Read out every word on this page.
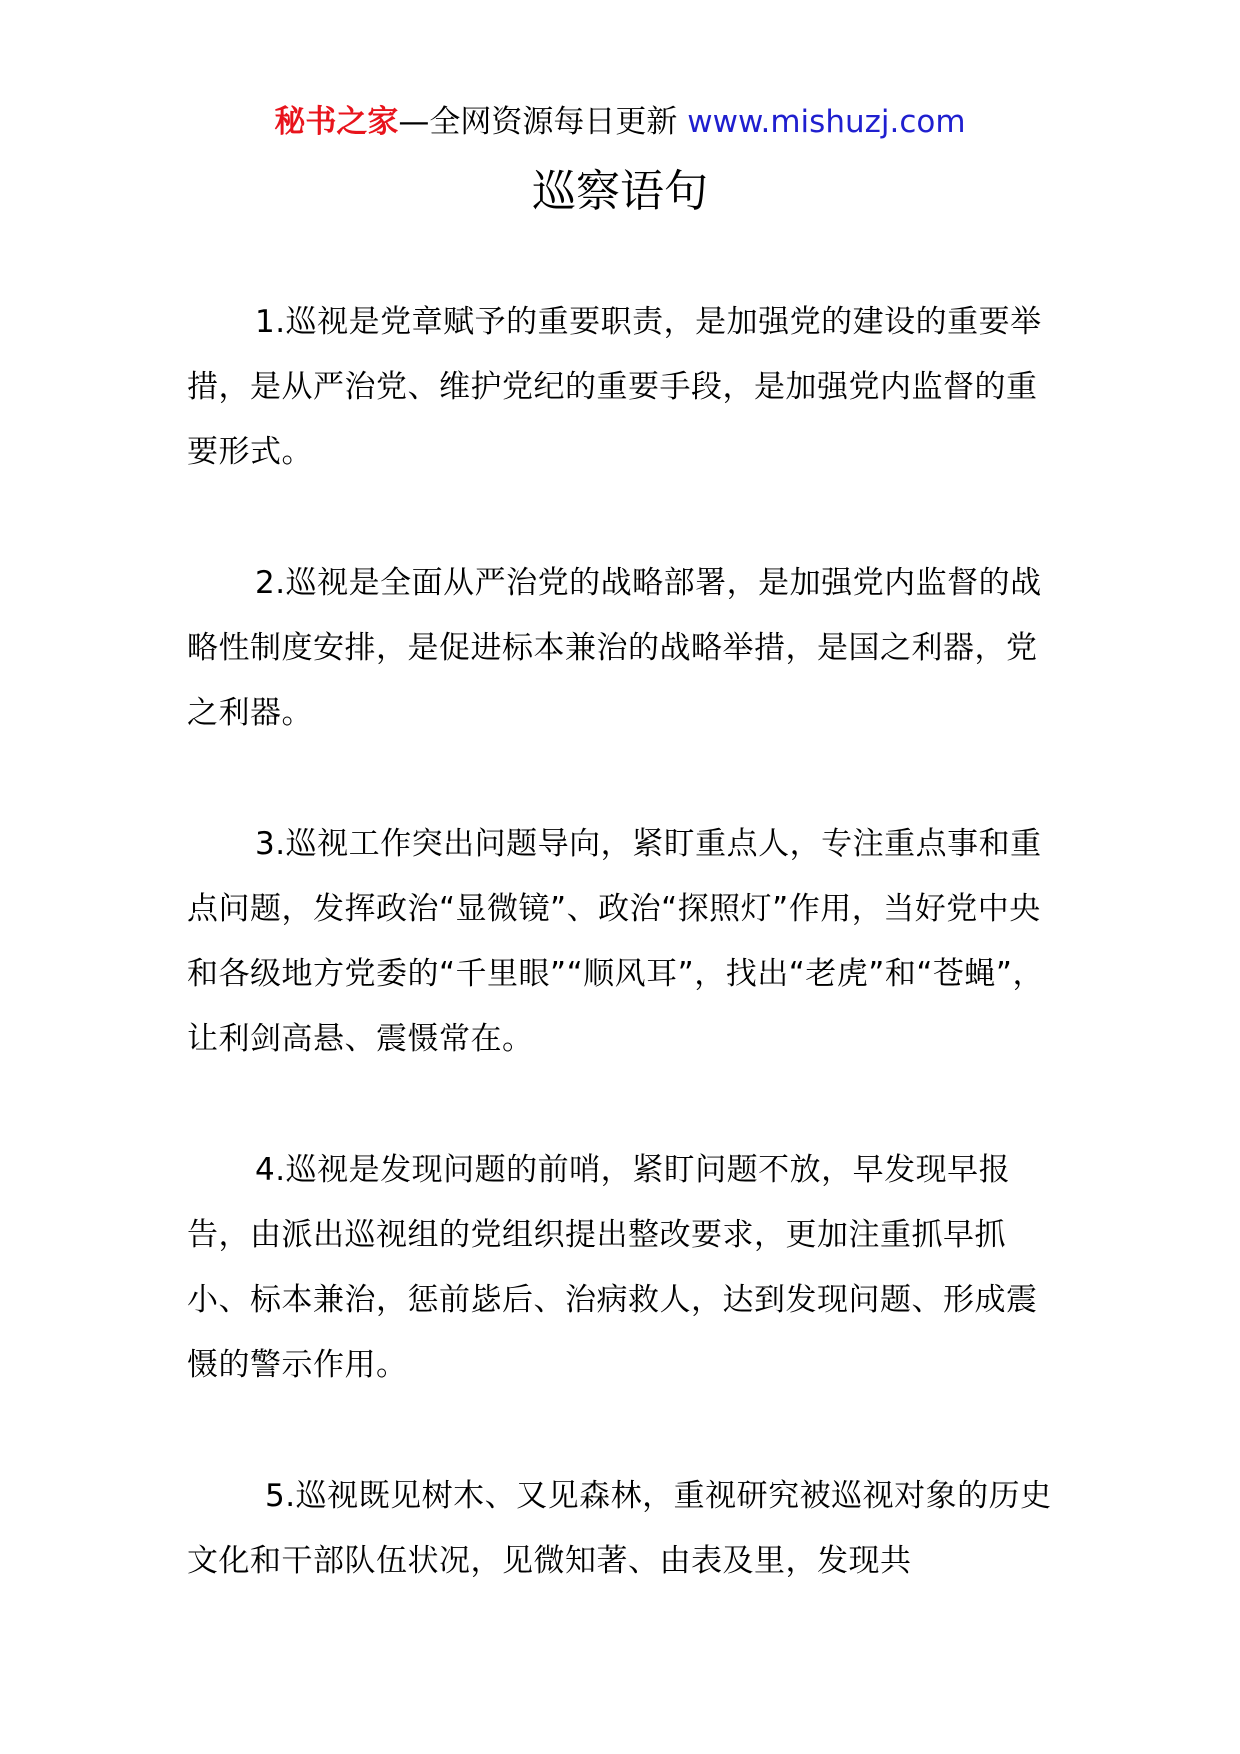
秘书之家—全网资源每日更新 www.mishuzj.com
巡察语句

1.巡视是党章赋予的重要职责，是加强党的建设的重要举措，是从严治党、维护党纪的重要手段，是加强党内监督的重要形式。

2.巡视是全面从严治党的战略部署，是加强党内监督的战略性制度安排，是促进标本兼治的战略举措，是国之利器，党之利器。

3.巡视工作突出问题导向，紧盯重点人，专注重点事和重点问题，发挥政治“显微镜”、政治“探照灯”作用，当好党中央和各级地方党委的“千里眼”“顺风耳”，找出“老虎”和“苍蝇”，让利剑高悬、震慑常在。

4.巡视是发现问题的前哨，紧盯问题不放，早发现早报告，由派出巡视组的党组织提出整改要求，更加注重抓早抓小、标本兼治，惩前毖后、治病救人，达到发现问题、形成震慑的警示作用。

5.巡视既见树木、又见森林，重视研究被巡视对象的历史文化和干部队伍状况，见微知著、由表及里，发现共
